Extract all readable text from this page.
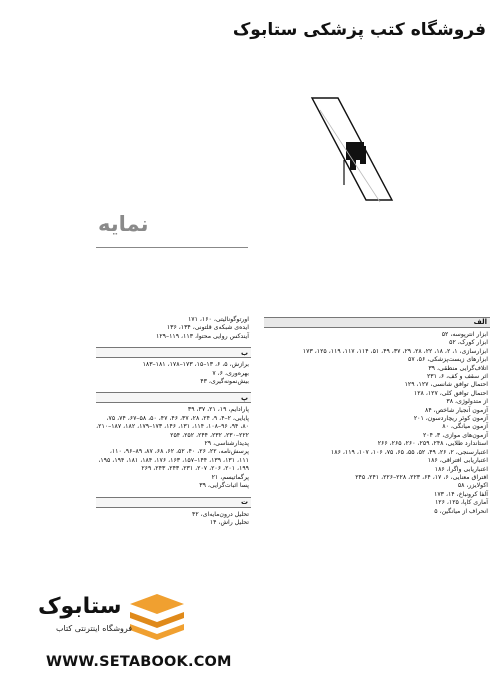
فروشگاه کتب پزشکی ستابوک
نمایه
الف
ابزار انترپوسه، ۵۲
ابزار کورک، ۵۲
ابزارسازی، ۱، ۲، ۱۸، ۲۲، ۲۸، ۲۹، ۳۷، ۴۹، ۵۱، ۱۱۴، ۱۱۷، ۱۱۹، ۱۲۵، ۱۷۳
ابزارهای زیست‌پزشکی، ۵۶، ۵۷
اتلاف‌گرایی منطقی، ۳۹
اثر سقف و کف، ۶، ۲۳۱
احتمال توافق شانسی، ۱۲۷، ۱۲۹
احتمال توافق کلی، ۱۲۷، ۱۲۸
از متدولوژی، ۳۸
آزمون آنجبار شاخص، ۸۴
آزمون کوئر ریچاردسون، ۲۰۱
آزمون میانگی، ۸۰
آزمون‌های موازی، ۳، ۲۰۴
استاندارد طلایی، ۲۴۸، ۲۵۹، ۲۶۰، ۲۶۵، ۲۶۶
اعتبارسنجی، ۲، ۲۶، ۴۹، ۵۲، ۵۵، ۶۵، ۷۵، ۱۰۶، ۱۰۷، ۱۱۹، ۱۸۶
اعتباریابی افتراقی، ۱۸۶
اعتباریابی واگرا، ۱۸۶
افتراق معنایی، ۶، ۱۷، ۶۴، ۲۲۳، ۲۲۸–۲۲۶، ۲۴۱، ۲۴۵
اکولایزر، ۵۸
آلفا کرونباخ، ۱۴، ۱۷۳
آماری کاپا، ۱۲۵، ۱۲۶
انحراف از میانگین، ۵
اورتوگونالیتی، ۱۶۰، ۱۷۱
ایده‌ی شبکه‌ی قلتونی، ۱۳۴، ۱۳۶
آیندکس روایی محتوا، ۱۱۳، ۱۱۹–۱۲۹
ب
برازش، ۵، ۶، ۱۳–۱۵، ۱۷۳–۱۷۸، ۱۸۱–۱۸۳
بهره‌وری، ۶، ۷
بیش‌نمونه‌گیری، ۴۳
پ
پارادایم، ۱۹، ۲۱، ۳۷، ۳۹
پایایی، ۲–۴، ۹، ۲۴، ۲۸، ۳۷، ۴۶، ۴۷، ۵۰، ۵۸–۶۷، ۷۴، ۷۵، ۸۰، ۹۴، ۹۶–۱۰۸، ۱۱۴، ۱۳۱، ۱۴۶، ۱۷۳–۱۷۹، ۱۸۲، ۱۸۷–۲۱۰، ۲۲۲–۲۳۰، ۲۳۲، ۲۴۴، ۲۵۲، ۲۵۴
پدیدارشناسی، ۲۹
پرسش‌نامه، ۲۲، ۲۶، ۴۰، ۵۲، ۶۲، ۶۸، ۸۷، ۸۹–۹۶، ۱۱۰، ۱۱۱، ۱۳۱، ۱۳۹، ۱۴۴–۱۵۷، ۱۶۳، ۱۷۶، ۱۸۴، ۱۸۱، ۱۹۴، ۱۹۵، ۱۹۹، ۲۰۱، ۲۰۶، ۲۰۷، ۲۳۱، ۲۴۳، ۲۴۳، ۲۶۹
پرگماتیسم، ۲۱
پسا اثبات‌گرایی، ۳۹
ت
تحلیل درون‌مایه‌ای، ۴۲
تحلیل راش، ۱۴
ستابوک
فروشگاه اینترنتی کتاب

WWW.SETABOOK.COM
